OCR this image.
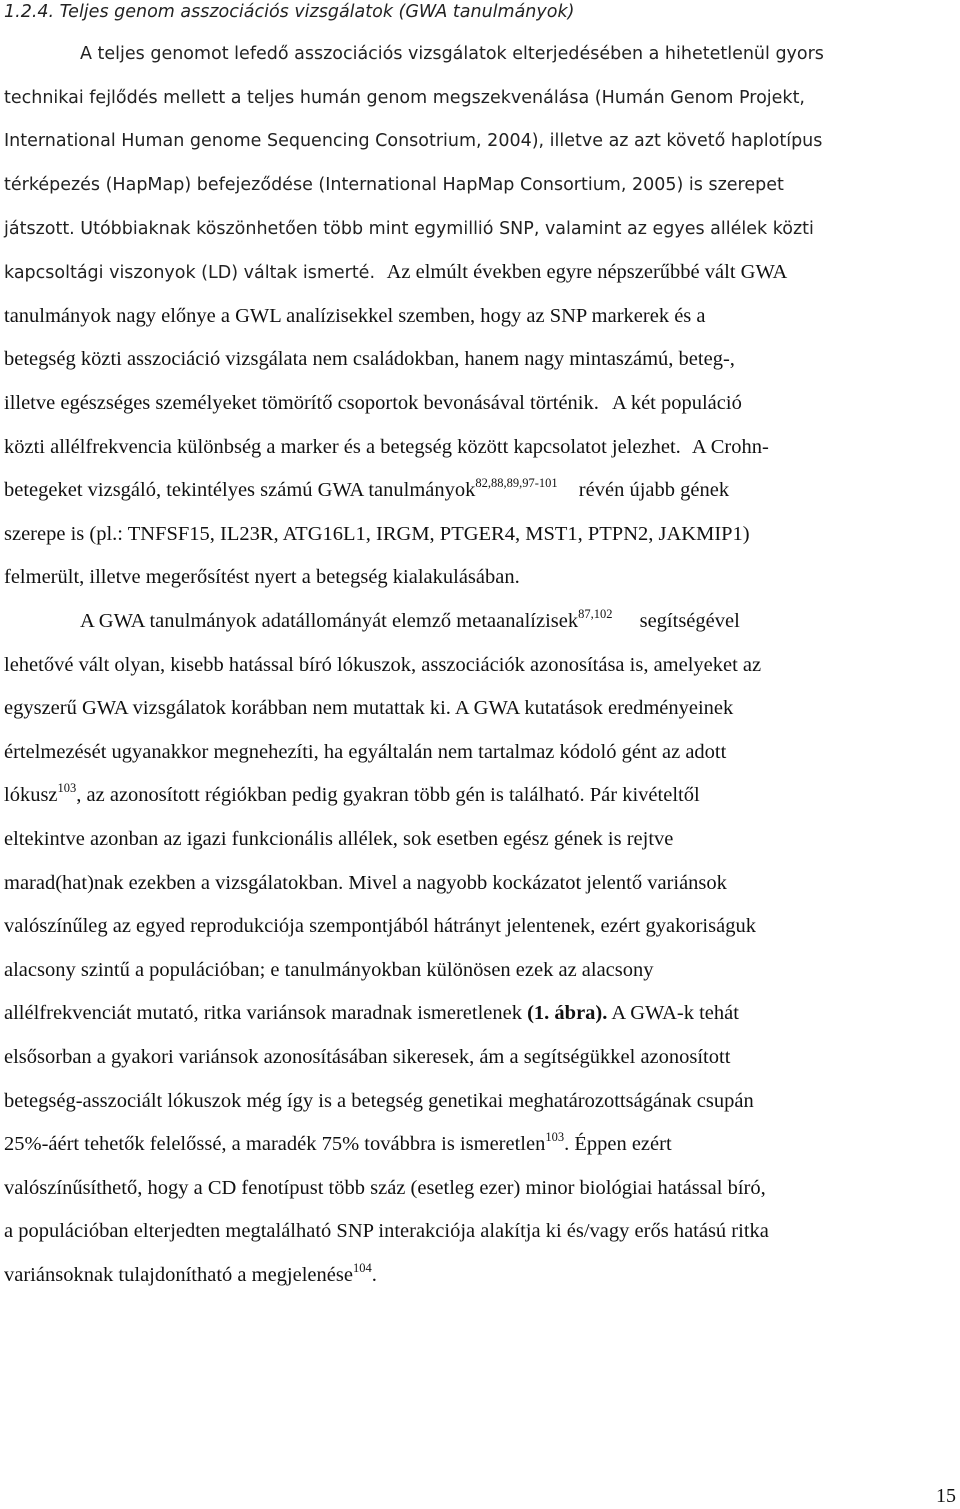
1.2.4. Teljes genom asszociációs vizsgálatok (GWA tanulmányok)
A teljes genomot lefedő asszociációs vizsgálatok elterjedésében a hihetetlenül gyors
technikai fejlődés mellett a teljes humán genom megszekvenálása (Humán Genom Projekt,
International Human genome Sequencing Consotrium, 2004), illetve az azt követő haplotípus
térképezés (HapMap) befejeződése (International HapMap Consortium, 2005) is szerepet
játszott. Utóbbiaknak köszönhetően több mint egymillió SNP, valamint az egyes allélek közti
kapcsoltági viszonyok (LD) váltak ismerté. Az elmúlt években egyre népszerűbbé vált GWA
tanulmányok nagy előnye a GWL analízisekkel szemben, hogy az SNP markerek és a
betegség közti asszociáció vizsgálata nem családokban, hanem nagy mintaszámú, beteg-,
illetve egészséges személyeket tömörítő csoportok bevonásával történik. A két populáció
közti allélfrekvencia különbség a marker és a betegség között kapcsolatot jelezhet. A Crohn-
betegeket vizsgáló, tekintélyes számú GWA tanulmányok$^{82,88,89,97-101}$ révén újabb gének
szerepe is (pl.: TNFSF15, IL23R, ATG16L1, IRGM, PTGER4, MST1, PTPN2, JAKMIP1)
felmerült, illetve megerősítést nyert a betegség kialakulásában.
A GWA tanulmányok adatállományát elemző metaanalízisek$^{87,102}$ segítségével
lehetővé vált olyan, kisebb hatással bíró lókuszok, asszociációk azonosítása is, amelyeket az
egyszerű GWA vizsgálatok korábban nem mutattak ki. A GWA kutatások eredményeinek
értelmezését ugyanakkor megnehezíti, ha egyáltalán nem tartalmaz kódoló gént az adott
lókusz$^{103}$, az azonosított régiókban pedig gyakran több gén is található. Pár kivételtől
eltekintve azonban az igazi funkcionális allélek, sok esetben egész gének is rejtve
marad(hat)nak ezekben a vizsgálatokban. Mivel a nagyobb kockázatot jelentő variánsok
valószínűleg az egyed reprodukciója szempontjából hátrányt jelentenek, ezért gyakoriságuk
alacsony szintű a populációban; e tanulmányokban különösen ezek az alacsony
allélfrekvenciát mutató, ritka variánsok maradnak ismeretlenek (1. ábra). A GWA-k tehát
elsősorban a gyakori variánsok azonosításában sikeresek, ám a segítségükkel azonosított
betegség-asszociált lókuszok még így is a betegség genetikai meghatározottságának csupán
25%-áért tehetők felelőssé, a maradék 75% továbbra is ismeretlen$^{103}$. Éppen ezért
valószínűsíthető, hogy a CD fenotípust több száz (esetleg ezer) minor biológiai hatással bíró,
a populációban elterjedten megtalálható SNP interakciója alakítja ki és/vagy erős hatású ritka
variánsoknak tulajdonítható a megjelenése$^{104}$.
15
